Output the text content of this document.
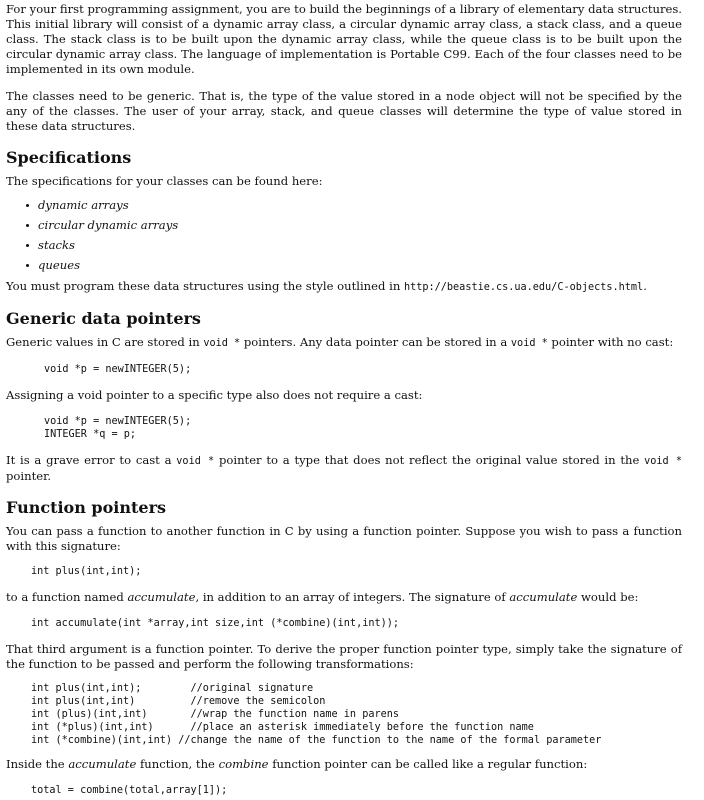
For your first programming assignment, you are to build the beginnings of a library of elementary data structures. This initial library will consist of a dynamic array class, a circular dynamic array class, a stack class, and a queue class. The stack class is to be built upon the dynamic array class, while the queue class is to be built upon the circular dynamic array class. The language of implementation is Portable C99. Each of the four classes need to be implemented in its own module.

The classes need to be generic. That is, the type of the value stored in a node object will not be specified by the any of the classes. The user of your array, stack, and queue classes will determine the type of value stored in these data structures.

Specifications

The specifications for your classes can be found here:

dynamic arrays
circular dynamic arrays
stacks
queues

You must program these data structures using the style outlined in http://beastie.cs.ua.edu/C-objects.html.

Generic data pointers

Generic values in C are stored in void * pointers. Any data pointer can be stored in a void * pointer with no cast:

void *p = newINTEGER(5);

Assigning a void pointer to a specific type also does not require a cast:

void *p = newINTEGER(5);
INTEGER *q = p;

It is a grave error to cast a void * pointer to a type that does not reflect the original value stored in the void * pointer.

Function pointers

You can pass a function to another function in C by using a function pointer. Suppose you wish to pass a function with this signature:

int plus(int,int);

to a function named accumulate, in addition to an array of integers. The signature of accumulate would be:

int accumulate(int *array,int size,int (*combine)(int,int));

That third argument is a function pointer. To derive the proper function pointer type, simply take the signature of the function to be passed and perform the following transformations:

int plus(int,int);        //original signature
int plus(int,int)         //remove the semicolon
int (plus)(int,int)       //wrap the function name in parens
int (*plus)(int,int)      //place an asterisk immediately before the function name
int (*combine)(int,int) //change the name of the function to the name of the formal parameter

Inside the accumulate function, the combine function pointer can be called like a regular function:

total = combine(total,array[1]);
